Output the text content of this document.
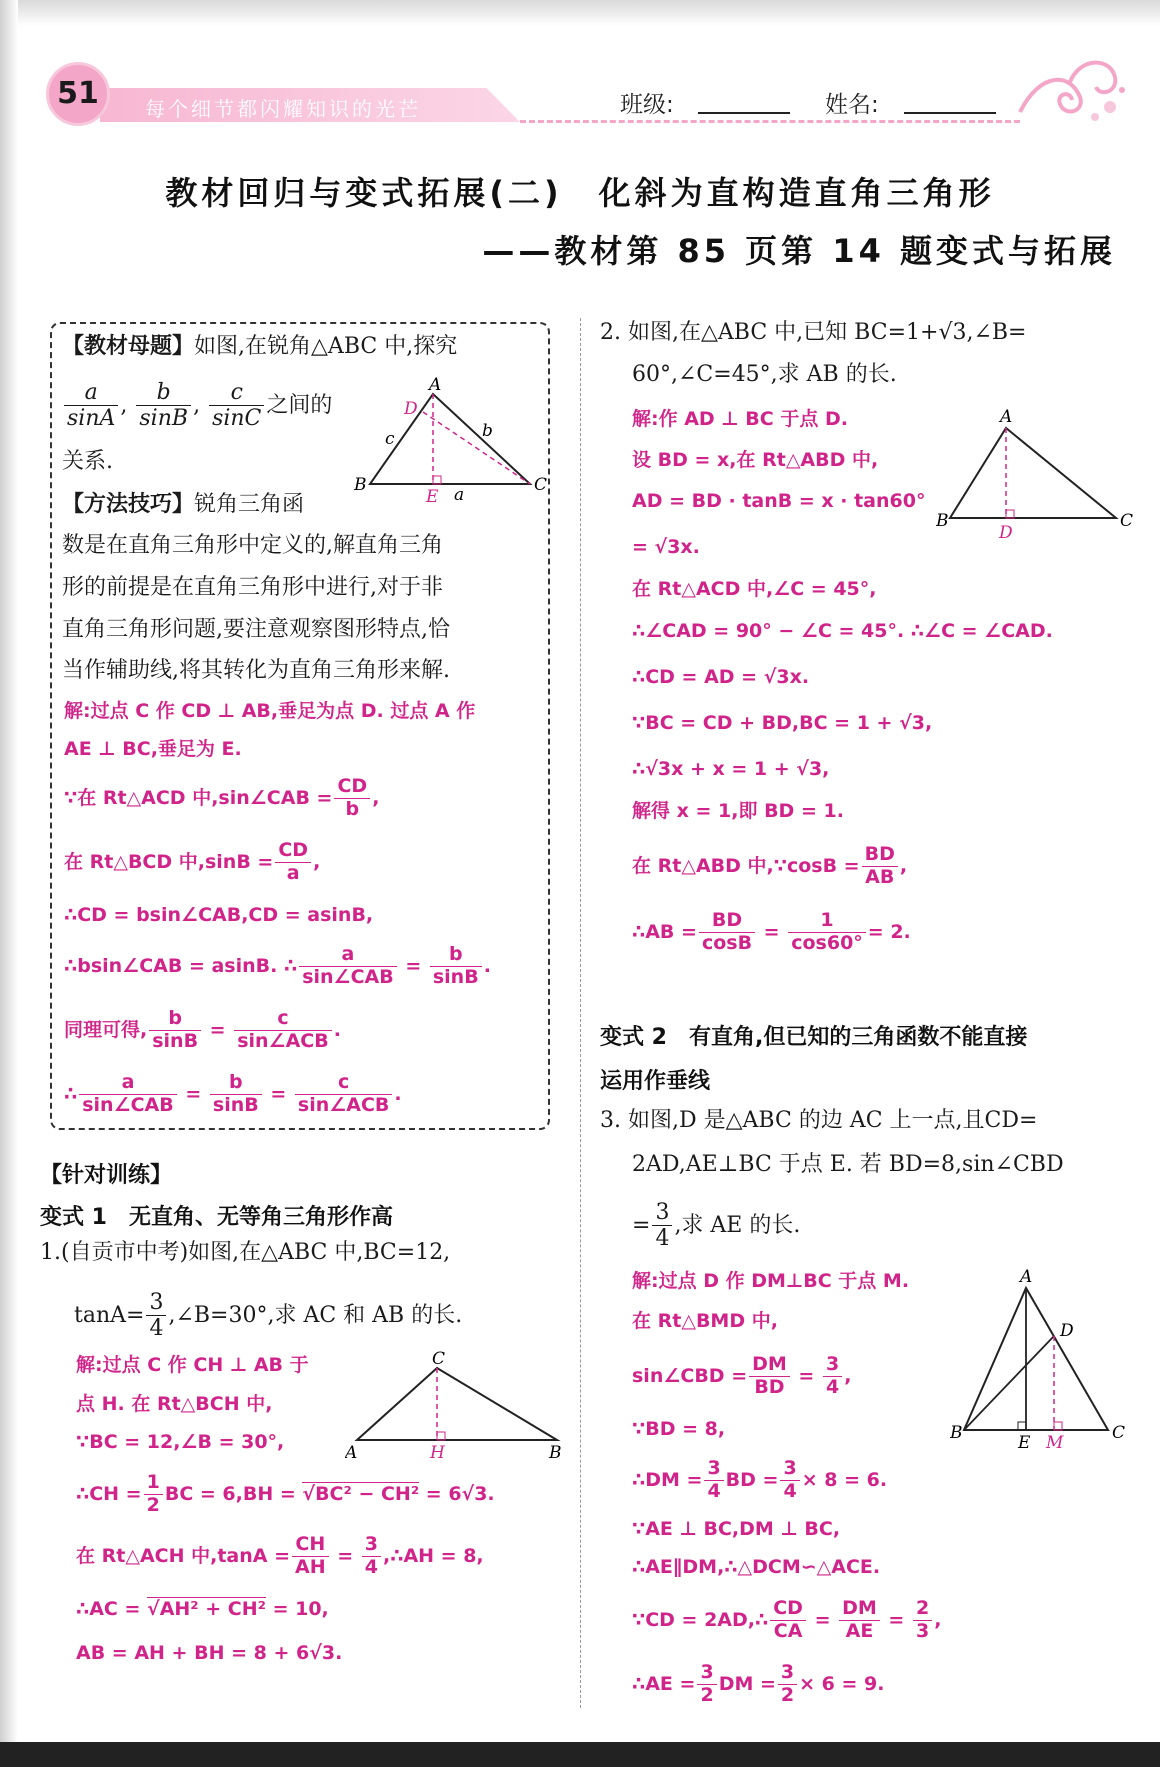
51	每个细节都闪耀知识的光芒	班级:	姓名:
教材回归与变式拓展(二)　化斜为直构造直角三角形
——教材第 85 页第 14 题变式与拓展
【教材母题】如图,在锐角△ABC 中,探究
$\frac{a}{\sin A}$ , $\frac{b}{\sin B}$ , $\frac{c}{\sin C}$ 之间的
关系.
A
B	C
D
E a
b
c
【方法技巧】锐角三角函
数是在直角三角形中定义的,解直角三角
形的前提是在直角三角形中进行,对于非
直角三角形问题,要注意观察图形特点,恰
当作辅助线,将其转化为直角三角形来解.
解:过点 C 作 CD ⊥ AB,垂足为点 D. 过点 A 作
AE ⊥ BC,垂足为 E.
∵在 Rt△ACD 中,sin∠CAB = $\frac{CD}{b}$ ,
在 Rt△BCD 中$,\sin B = \frac{CD}{a}$ ,
∴CD = bsin∠CAB,CD = asinB,
∴bsin∠CAB = asinB. ∴ $\frac{a}{\text{sin∠CAB}} = \frac{b}{\sin B}$ .
同理可得, $\frac{b}{\sin B} = \frac{c}{\text{sin∠ACB}}$ .
∴ $\frac{a}{\text{sin∠CAB}} = \frac{b}{\sin B} = \frac{c}{\text{sin∠ACB}}$ .
【针对训练】
变式 1　无直角、无等角三角形作高
1.(自贡市中考)如图,在△ABC 中,BC=12,
$\tan A= \frac{3}{4}$ ,∠B=30°,求 AC 和 AB 的长.
解:过点 C 作 CH ⊥ AB 于
点 H. 在 Rt△BCH 中,
∵BC = 12,∠B = 30°,
∴CH = $\frac{1}{2}$ BC = 6,BH = √BC² − CH² = 6√3.
在 Rt△ACH 中$,\tan A = \frac{CH}{AH} = \frac{3}{4}$ ,∴AH = 8,
∴AC = √AH² + CH² = 10,
AB = AH + BH = 8 + 6√3.
C
A	H	B
2. 如图,在△ABC 中,已知 BC=1+√3,∠B=
60°,∠C=45°,求 AB 的长.
解:作 AD ⊥ BC 于点 D.
设 BD = x,在 Rt△ABD 中,
AD = BD · tanB = x · tan60°
= √3x.
在 Rt△ACD 中,∠C = 45°,
∴∠CAD = 90° − ∠C = 45°. ∴∠C = ∠CAD.
∴CD = AD = √3x.
∵BC = CD + BD,BC = 1 + √3,
∴√3x + x = 1 + √3,
解得 x = 1,即 BD = 1.
在 Rt△ABD 中,∵cosB = $\frac{BD}{AB}$ ,
∴AB = $\frac{BD}{\cos B} = \frac{1}{\cos 60^\circ} = 2$.
A
B	C
D
变式 2　有直角,但已知的三角函数不能直接
运用作垂线
3. 如图,D 是△ABC 的边 AC 上一点,且CD=
2AD,AE⊥BC 于点 E. 若 BD=8,sin∠CBD
= $\frac{3}{4}$ ,求 AE 的长.
解:过点 D 作 DM⊥BC 于点 M.
在 Rt△BMD 中,
sin∠CBD = $\frac{DM}{BD} = \frac{3}{4}$ ,
∵BD = 8,
∴DM = $\frac{3}{4}$ BD = $\frac{3}{4} \times 8 = 6$.
∵AE ⊥ BC,DM ⊥ BC,
∴AE∥DM,∴△DCM∽△ACE.
∵CD = 2AD,∴ $\frac{CD}{CA} = \frac{DM}{AE} = \frac{2}{3}$ ,
∴AE = $\frac{3}{2}$ DM = $\frac{3}{2} \times 6 = 9$.
A
D
B	E M	C
